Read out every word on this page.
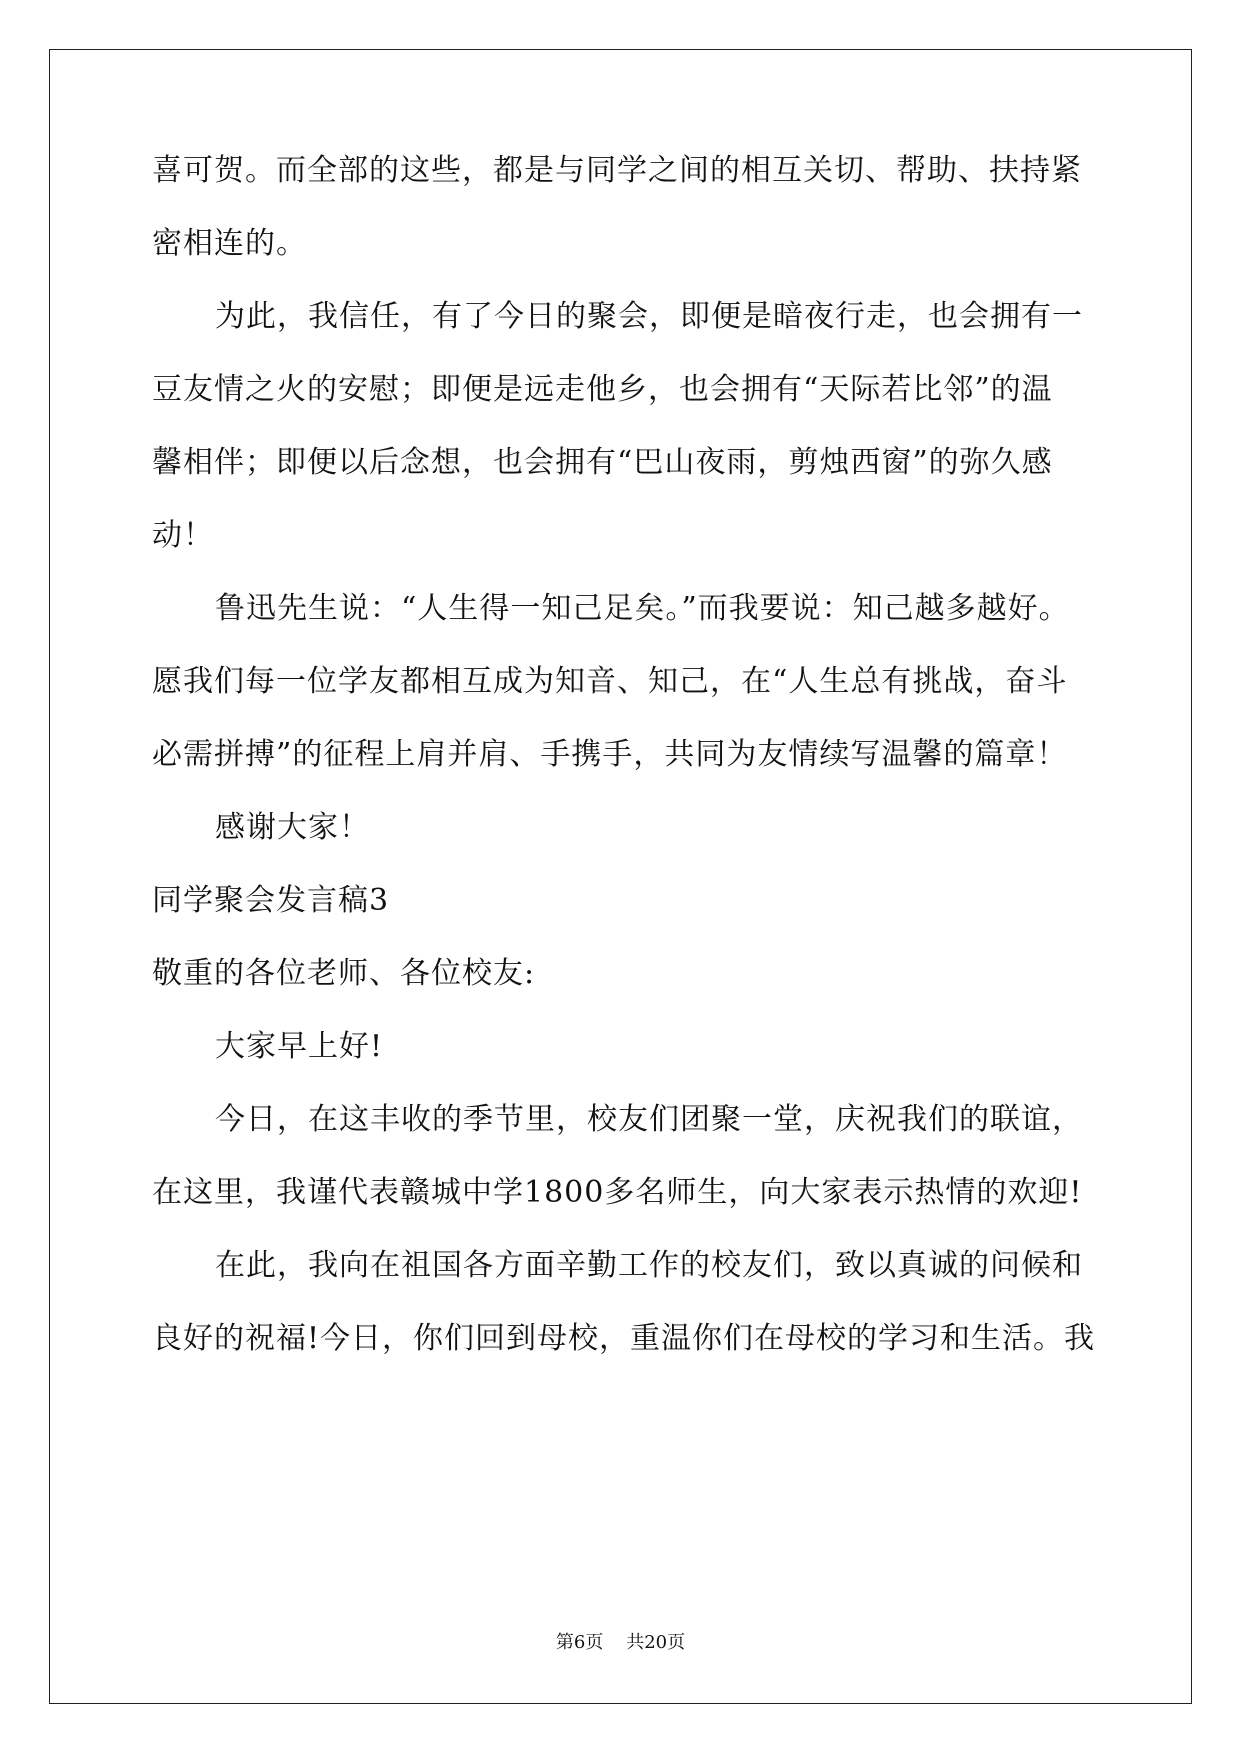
喜可贺。而全部的这些，都是与同学之间的相互关切、帮助、扶持紧
密相连的。
为此，我信任，有了今日的聚会，即便是暗夜行走，也会拥有一
豆友情之火的安慰；即便是远走他乡，也会拥有“天际若比邻”的温
馨相伴；即便以后念想，也会拥有“巴山夜雨，剪烛西窗”的弥久感
动！
鲁迅先生说：“人生得一知己足矣。”而我要说：知己越多越好。
愿我们每一位学友都相互成为知音、知己，在“人生总有挑战，奋斗
必需拼搏”的征程上肩并肩、手携手，共同为友情续写温馨的篇章！
感谢大家！
同学聚会发言稿3
敬重的各位老师、各位校友:
大家早上好!
今日，在这丰收的季节里，校友们团聚一堂，庆祝我们的联谊，
在这里，我谨代表赣城中学1800多名师生，向大家表示热情的欢迎!
在此，我向在祖国各方面辛勤工作的校友们，致以真诚的问候和
良好的祝福!今日，你们回到母校，重温你们在母校的学习和生活。我
第6页    共20页
